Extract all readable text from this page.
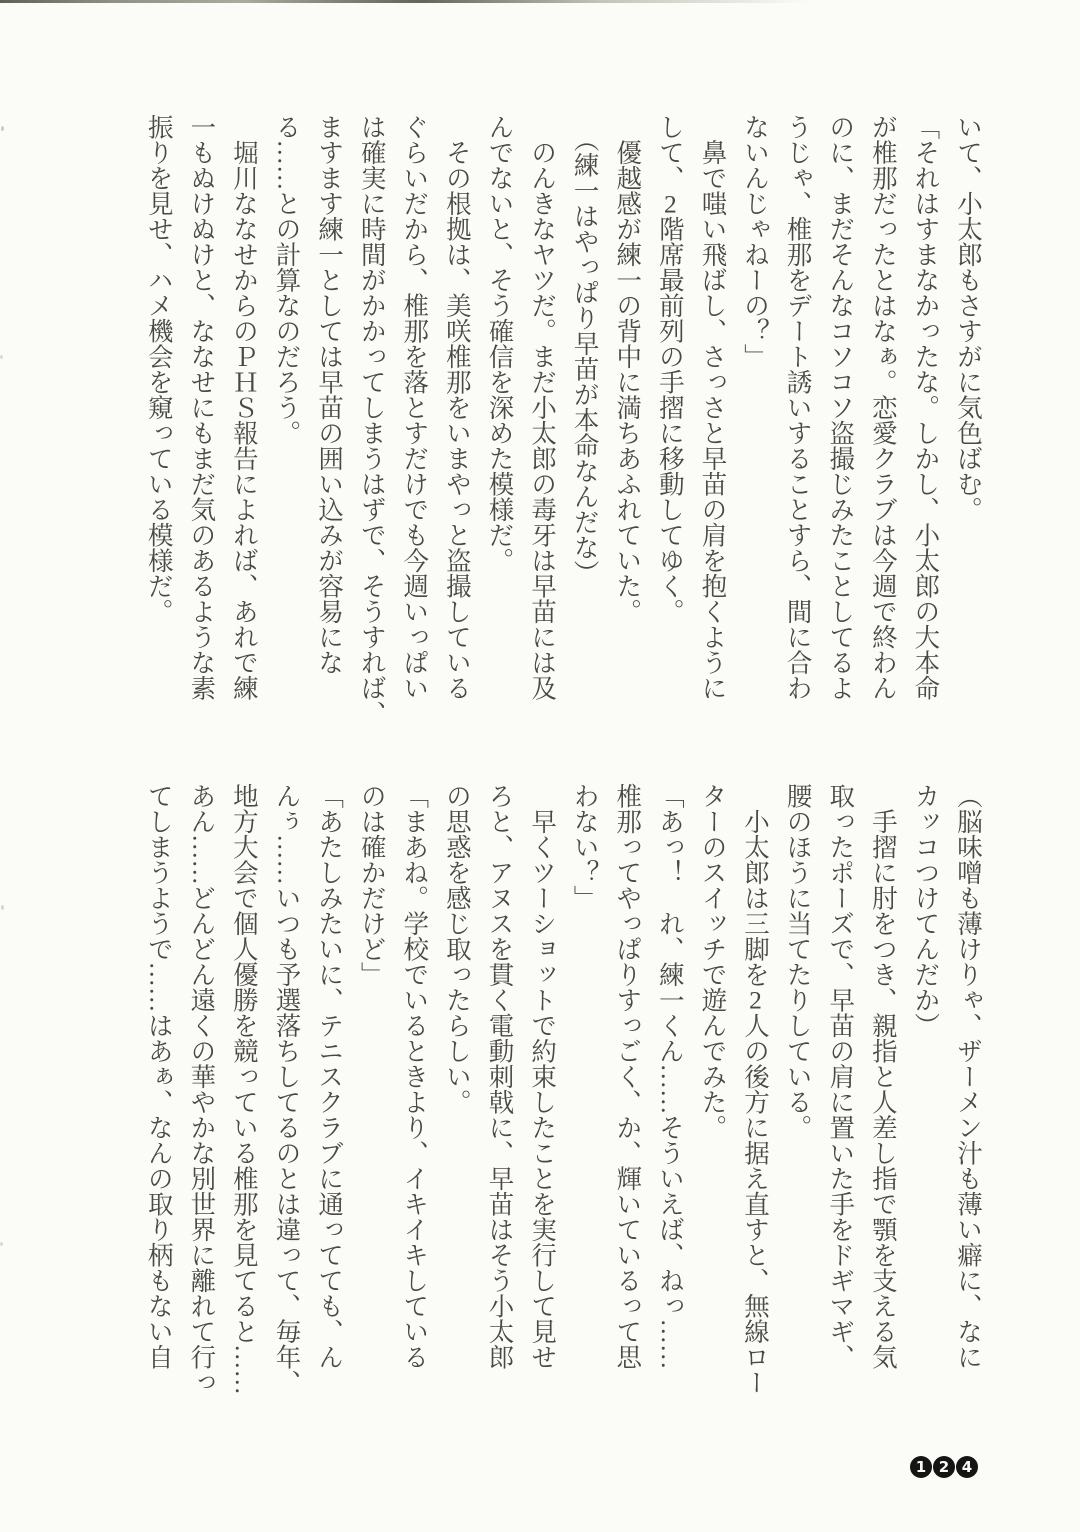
いて、小太郎もさすがに気色ばむ。
「それはすまなかったな。しかし、小太郎の大本命
が椎那だったとはなぁ。恋愛クラブは今週で終わん
のに、まだそんなコソコソ盗撮じみたことしてるよ
うじゃ、椎那をデート誘いすることすら、間に合わ
ないんじゃねーの？」
　鼻で嗤い飛ばし、さっさと早苗の肩を抱くように
して、2階席最前列の手摺に移動してゆく。
　優越感が練一の背中に満ちあふれていた。
　（練一はやっぱり早苗が本命なんだな）
　のんきなヤツだ。まだ小太郎の毒牙は早苗には及
んでないと、そう確信を深めた模様だ。
　その根拠は、美咲椎那をいまやっと盗撮している
ぐらいだから、椎那を落とすだけでも今週いっぱい
は確実に時間がかかってしまうはずで、そうすれば、
ますます練一としては早苗の囲い込みが容易にな
る……との計算なのだろう。
　堀川ななせからのＰＨＳ報告によれば、あれで練
一もぬけぬけと、ななせにもまだ気のあるような素
振りを見せ、ハメ機会を窺っている模様だ。
（脳味噌も薄けりゃ、ザーメン汁も薄い癖に、なに
カッコつけてんだか）
　手摺に肘をつき、親指と人差し指で顎を支える気
取ったポーズで、早苗の肩に置いた手をドギマギ、
腰のほうに当てたりしている。
　小太郎は三脚を2人の後方に据え直すと、無線ロー
ターのスイッチで遊んでみた。
「あっ！　れ、練一くん……そういえば、ねっ……
椎那ってやっぱりすっごく、か、輝いているって思
わない？」
　早くツーショットで約束したことを実行して見せ
ろと、アヌスを貫く電動刺戟に、早苗はそう小太郎
の思惑を感じ取ったらしい。
「まあね。学校でいるときより、イキイキしている
のは確かだけど」
「あたしみたいに、テニスクラブに通ってても、ん
んぅ……いつも予選落ちしてるのとは違って、毎年、
地方大会で個人優勝を競っている椎那を見てると……
あん……どんどん遠くの華やかな別世界に離れて行っ
てしまうようで……はあぁ、なんの取り柄もない自
1 2 4
